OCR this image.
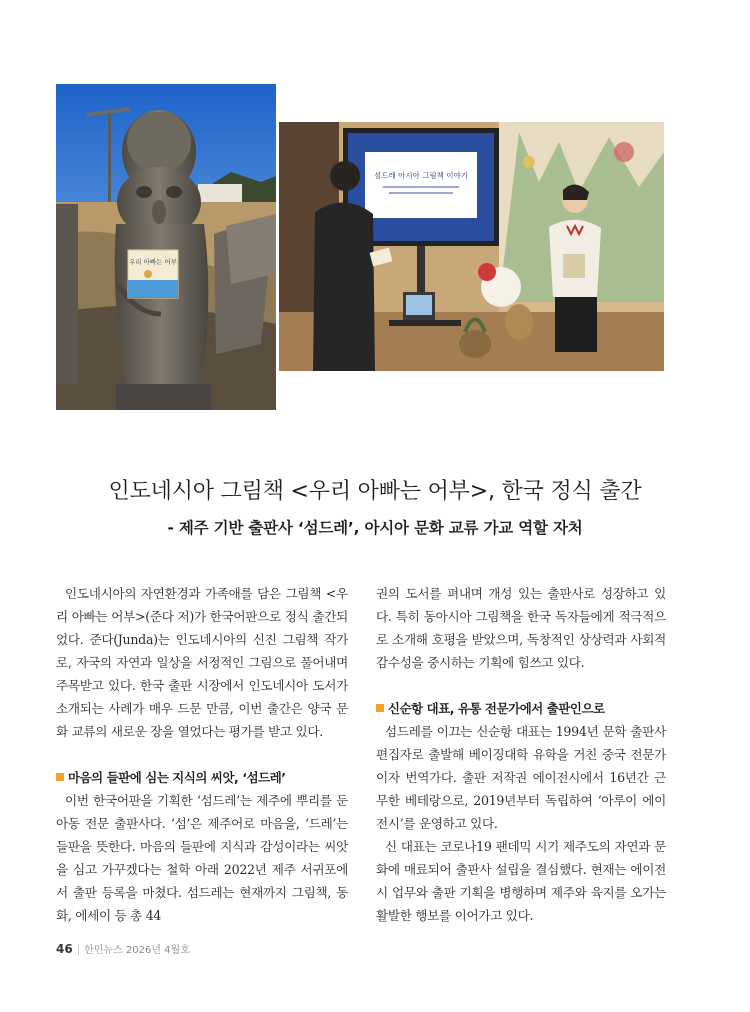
우리 아빠는 어부
섬드레 아시아 그림책 이야기
인도네시아 그림책 <우리 아빠는 어부>, 한국 정식 출간
- 제주 기반 출판사 ‘섬드레’, 아시아 문화 교류 가교 역할 자처

인도네시아의 자연환경과 가족애를 담은 그림책 <우리 아빠는 어부>(준다 저)가 한국어판으로 정식 출간되었다. 준다(Junda)는 인도네시아의 신진 그림책 작가로, 자국의 자연과 일상을 서정적인 그림으로 풀어내며 주목받고 있다. 한국 출판 시장에서 인도네시아 도서가 소개되는 사례가 매우 드문 만큼, 이번 출간은 양국 문화 교류의 새로운 장을 열었다는 평가를 받고 있다.

마음의 들판에 심는 지식의 씨앗, ‘섬드레’

이번 한국어판을 기획한 ‘섬드레’는 제주에 뿌리를 둔 아동 전문 출판사다. ‘섬’은 제주어로 마음을, ‘드레’는 들판을 뜻한다. 마음의 들판에 지식과 감성이라는 씨앗을 심고 가꾸겠다는 철학 아래 2022년 제주 서귀포에서 출판 등록을 마쳤다. 섬드레는 현재까지 그림책, 동화, 에세이 등 총 44

권의 도서를 펴내며 개성 있는 출판사로 성장하고 있다. 특히 동아시아 그림책을 한국 독자들에게 적극적으로 소개해 호평을 받았으며, 독창적인 상상력과 사회적 감수성을 중시하는 기획에 힘쓰고 있다.

신순항 대표, 유통 전문가에서 출판인으로

섬드레를 이끄는 신순항 대표는 1994년 문학 출판사 편집자로 출발해 베이징대학 유학을 거친 중국 전문가이자 번역가다. 출판 저작권 에이전시에서 16년간 근무한 베테랑으로, 2019년부터 독립하여 ‘아루이 에이전시’를 운영하고 있다.

신 대표는 코로나19 팬데믹 시기 제주도의 자연과 문화에 매료되어 출판사 설립을 결심했다. 현재는 에이전시 업무와 출판 기획을 병행하며 제주와 육지를 오가는 활발한 행보를 이어가고 있다.

46 | 한민뉴스 2026년 4월호
